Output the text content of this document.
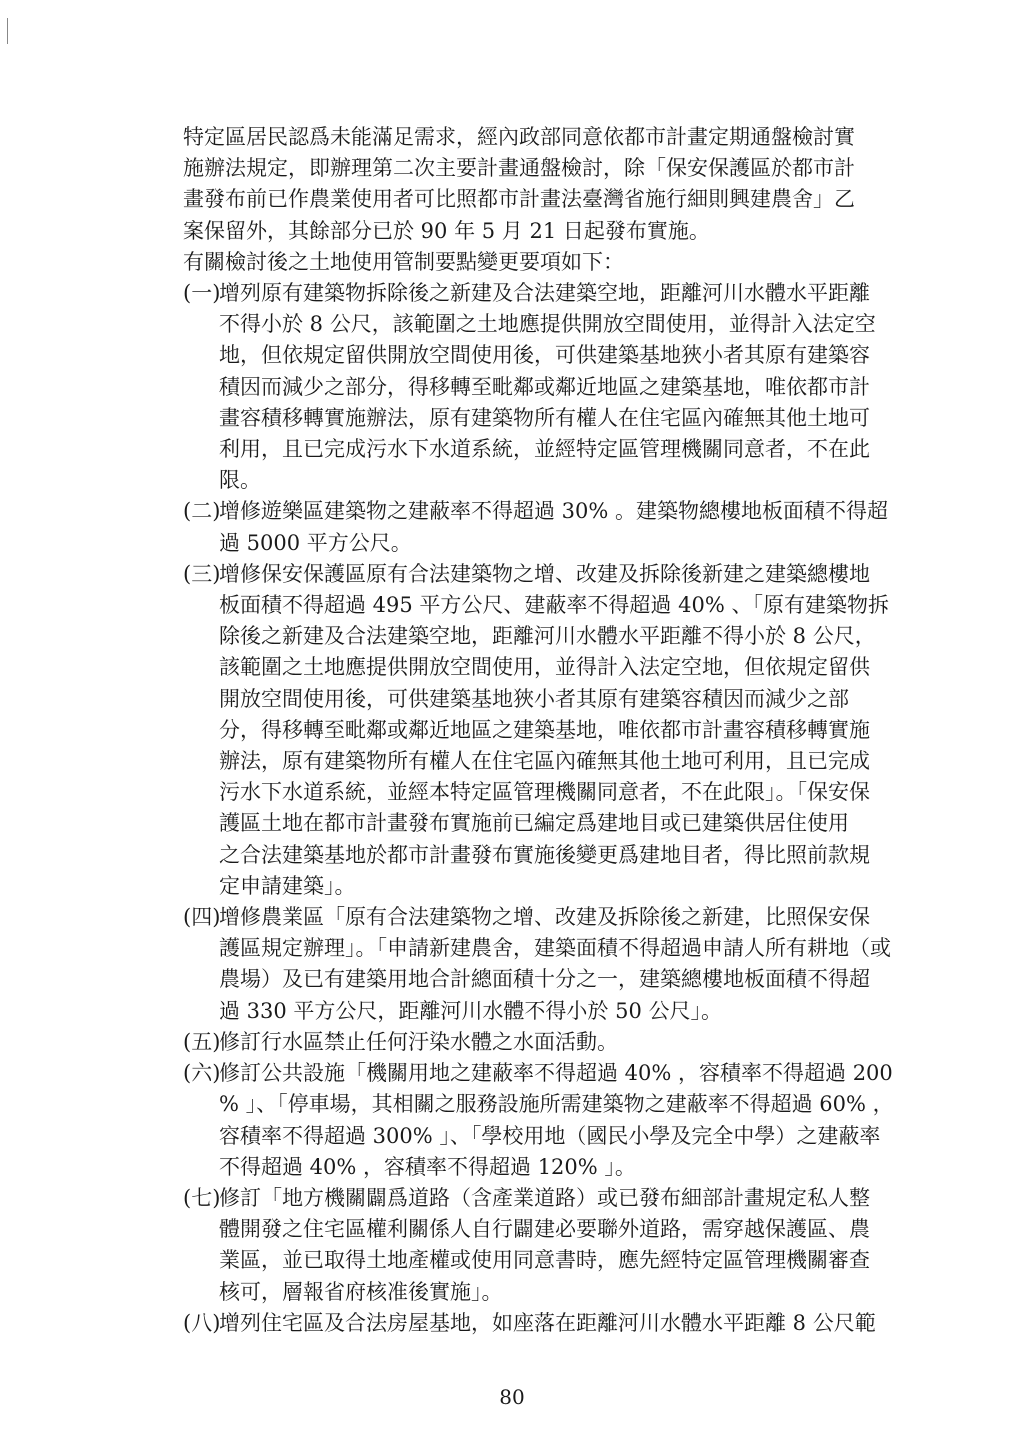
特定區居民認爲未能滿足需求，經內政部同意依都市計畫定期通盤檢討實
施辦法規定，即辦理第二次主要計畫通盤檢討，除「保安保護區於都市計
畫發布前已作農業使用者可比照都市計畫法臺灣省施行細則興建農舍」乙
案保留外，其餘部分已於 90 年 5 月 21 日起發布實施。
有關檢討後之土地使用管制要點變更要項如下：
(一)
增列原有建築物拆除後之新建及合法建築空地，距離河川水體水平距離
不得小於 8 公尺，該範圍之土地應提供開放空間使用，並得計入法定空
地，但依規定留供開放空間使用後，可供建築基地狹小者其原有建築容
積因而減少之部分，得移轉至毗鄰或鄰近地區之建築基地，唯依都市計
畫容積移轉實施辦法，原有建築物所有權人在住宅區內確無其他土地可
利用，且已完成污水下水道系統，並經特定區管理機關同意者，不在此
限。
(二)
增修遊樂區建築物之建蔽率不得超過 30% 。建築物總樓地板面積不得超
過 5000 平方公尺。
(三)
增修保安保護區原有合法建築物之增、改建及拆除後新建之建築總樓地
板面積不得超過 495 平方公尺、建蔽率不得超過 40% 、「原有建築物拆
除後之新建及合法建築空地，距離河川水體水平距離不得小於 8 公尺，
該範圍之土地應提供開放空間使用，並得計入法定空地，但依規定留供
開放空間使用後，可供建築基地狹小者其原有建築容積因而減少之部
分，得移轉至毗鄰或鄰近地區之建築基地，唯依都市計畫容積移轉實施
辦法，原有建築物所有權人在住宅區內確無其他土地可利用，且已完成
污水下水道系統，並經本特定區管理機關同意者，不在此限」。「保安保
護區土地在都市計畫發布實施前已編定爲建地目或已建築供居住使用
之合法建築基地於都市計畫發布實施後變更爲建地目者，得比照前款規
定申請建築」。
(四)
增修農業區「原有合法建築物之增、改建及拆除後之新建，比照保安保
護區規定辦理」。「申請新建農舍，建築面積不得超過申請人所有耕地（或
農場）及已有建築用地合計總面積十分之一，建築總樓地板面積不得超
過 330 平方公尺，距離河川水體不得小於 50 公尺」。
(五)
修訂行水區禁止任何汙染水體之水面活動。
(六)
修訂公共設施「機關用地之建蔽率不得超過 40% ，容積率不得超過 200
% 」、「停車場，其相關之服務設施所需建築物之建蔽率不得超過 60% ，
容積率不得超過 300% 」、「學校用地（國民小學及完全中學）之建蔽率
不得超過 40% ，容積率不得超過 120% 」。
(七)
修訂「地方機關闢爲道路（含產業道路）或已發布細部計畫規定私人整
體開發之住宅區權利關係人自行闢建必要聯外道路，需穿越保護區、農
業區，並已取得土地產權或使用同意書時，應先經特定區管理機關審查
核可，層報省府核准後實施」。
(八)
增列住宅區及合法房屋基地，如座落在距離河川水體水平距離 8 公尺範
80
